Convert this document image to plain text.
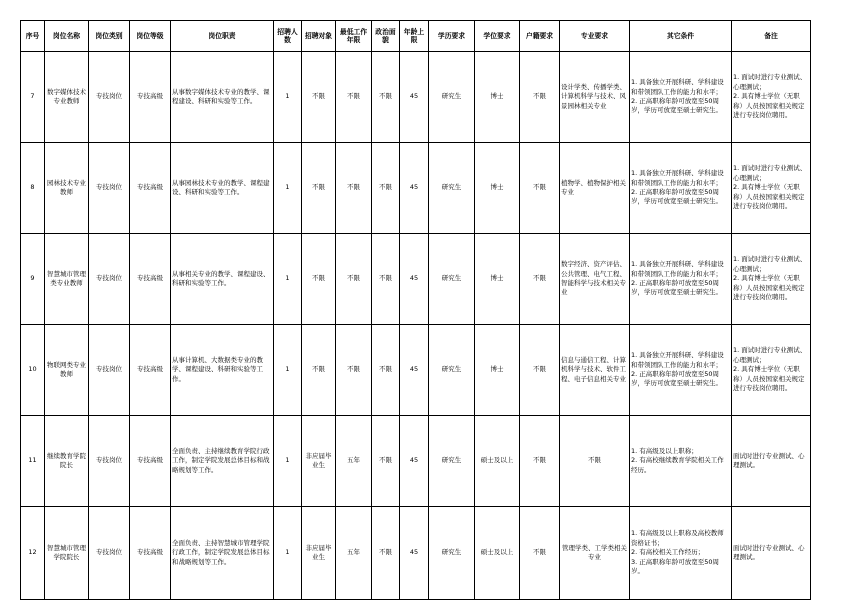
序号	岗位名称	岗位类别	岗位等级	岗位职责	招聘人数	招聘对象	最低工作年限	政治面貌	年龄上限	学历要求	学位要求	户籍要求	专业要求	其它条件	备注
7	数字媒体技术专业教师	专技岗位	专技高级	从事数字媒体技术专业的教学、课程建设、科研和实验等工作。	1	不限	不限	不限	45	研究生	博士	不限	设计学类、传播学类、计算机科学与技术、风景园林相关专业	1. 具备独立开展科研、学科建设和带领团队工作的能力和水平；
2. 正高职称年龄可放宽至50周岁，学历可放宽至硕士研究生。	1. 面试时进行专业测试、心理测试；
2. 具有博士学位（无职称）人员按国家相关规定进行专技岗位聘用。
8	园林技术专业教师	专技岗位	专技高级	从事园林技术专业的教学、课程建设、科研和实验等工作。	1	不限	不限	不限	45	研究生	博士	不限	植物学、植物保护相关专业	1. 具备独立开展科研、学科建设和带领团队工作的能力和水平；
2. 正高职称年龄可放宽至50周岁，学历可放宽至硕士研究生。	1. 面试时进行专业测试、心理测试；
2. 具有博士学位（无职称）人员按国家相关规定进行专技岗位聘用。
9	智慧城市管理类专业教师	专技岗位	专技高级	从事相关专业的教学、课程建设、科研和实验等工作。	1	不限	不限	不限	45	研究生	博士	不限	数字经济、资产评估、公共管理、电气工程、智能科学与技术相关专业	1. 具备独立开展科研、学科建设和带领团队工作的能力和水平；
2. 正高职称年龄可放宽至50周岁，学历可放宽至硕士研究生。	1. 面试时进行专业测试、心理测试；
2. 具有博士学位（无职称）人员按国家相关规定进行专技岗位聘用。
10	物联网类专业教师	专技岗位	专技高级	从事计算机、大数据类专业的教学、课程建设、科研和实验等工作。	1	不限	不限	不限	45	研究生	博士	不限	信息与通信工程、计算机科学与技术、软件工程、电子信息相关专业	1. 具备独立开展科研、学科建设和带领团队工作的能力和水平；
2. 正高职称年龄可放宽至50周岁，学历可放宽至硕士研究生。	1. 面试时进行专业测试、心理测试；
2. 具有博士学位（无职称）人员按国家相关规定进行专技岗位聘用。
11	继续教育学院院长	专技岗位	专技高级	全面负责、主持继续教育学院行政工作，制定学院发展总体目标和战略规划等工作。	1	非应届毕业生	五年	不限	45	研究生	硕士及以上	不限	不限	1. 有高级及以上职称；
2. 有高校继续教育学院相关工作经历。	面试时进行专业测试、心理测试。
12	智慧城市管理学院院长	专技岗位	专技高级	全面负责、主持智慧城市管理学院行政工作，制定学院发展总体目标和战略规划等工作。	1	非应届毕业生	五年	不限	45	研究生	硕士及以上	不限	管理学类、工学类相关专业	1. 有高级及以上职称及高校教师资格证书；
2. 有高校相关工作经历；
3. 正高职称年龄可放宽至50周岁。	面试时进行专业测试、心理测试。
